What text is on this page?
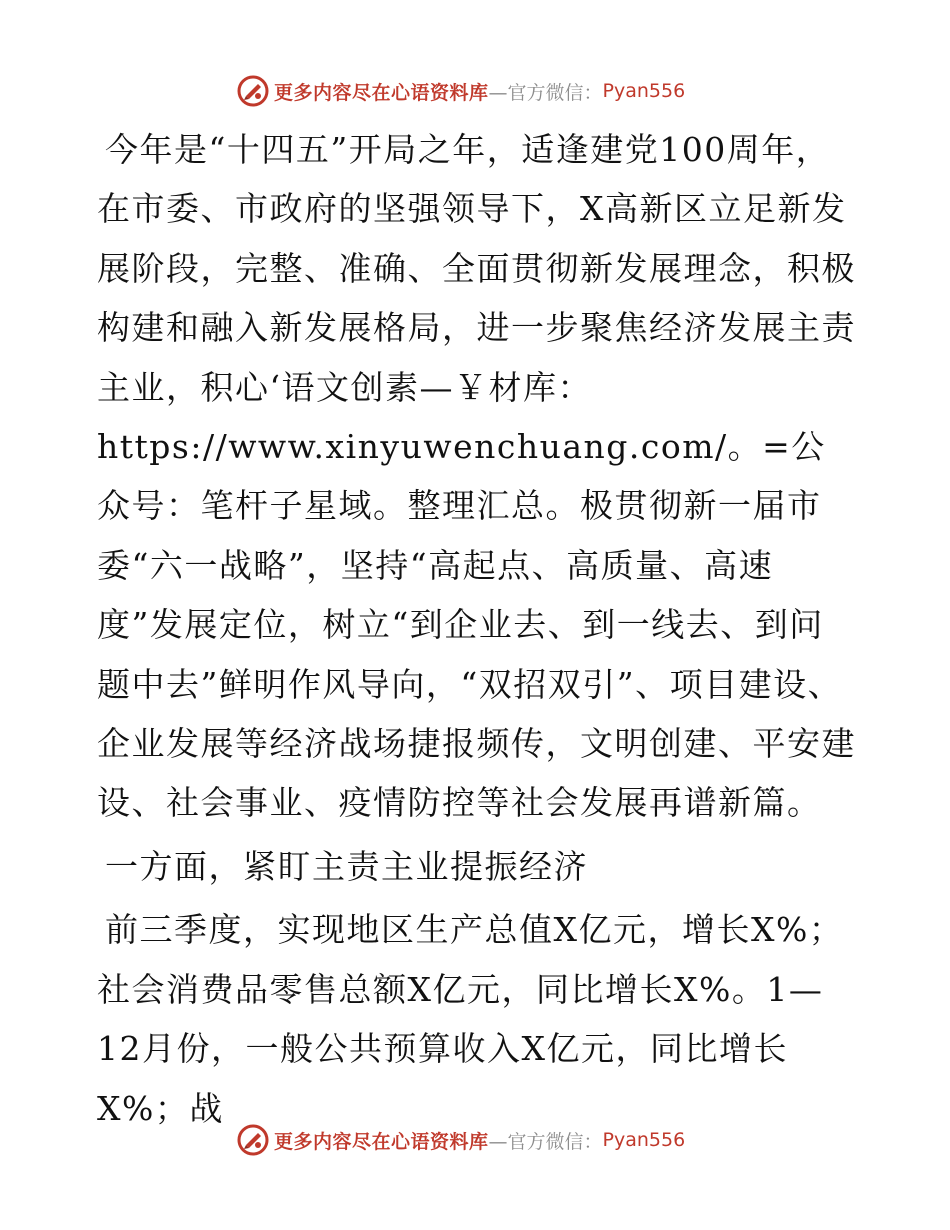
更多内容尽在心语资料库 —官方微信： Pyan556

今年是“十四五”开局之年，适逢建党100周年，在市委、市政府的坚强领导下，X高新区立足新发展阶段，完整、准确、全面贯彻新发展理念，积极构建和融入新发展格局，进一步聚焦经济发展主责主业，积心‘语文创素—￥材库：https://www.xinyuwenchuang.com/。=公众号：笔杆子星域。整理汇总。极贯彻新一届市委“六一战略”，坚持“高起点、高质量、高速度”发展定位，树立“到企业去、到一线去、到问题中去”鲜明作风导向，“双招双引”、项目建设、企业发展等经济战场捷报频传，文明创建、平安建设、社会事业、疫情防控等社会发展再谱新篇。

一方面，紧盯主责主业提振经济

前三季度，实现地区生产总值X亿元，增长X%；社会消费品零售总额X亿元，同比增长X%。1—12月份，一般公共预算收入X亿元，同比增长X%；战

更多内容尽在心语资料库 —官方微信： Pyan556
